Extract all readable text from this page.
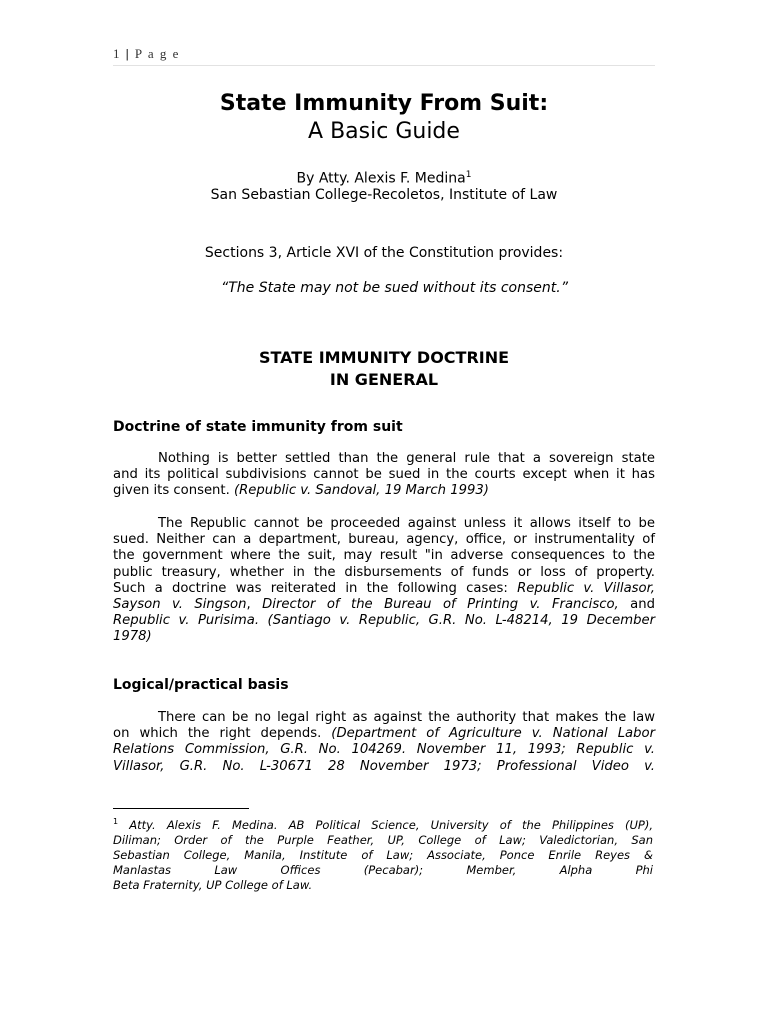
1 | P a g e
State Immunity From Suit:
A Basic Guide
By Atty. Alexis F. Medina$^1$
San Sebastian College-Recoletos, Institute of Law
Sections 3, Article XVI of the Constitution provides:
“The State may not be sued without its consent.”
STATE IMMUNITY DOCTRINE
IN GENERAL
Doctrine of state immunity from suit
Nothing is better settled than the general rule that a sovereign state
and its political subdivisions cannot be sued in the courts except when it has
given its consent. (Republic v. Sandoval, 19 March 1993)
The Republic cannot be proceeded against unless it allows itself to be
sued. Neither can a department, bureau, agency, office, or instrumentality of
the government where the suit, may result "in adverse consequences to the
public treasury, whether in the disbursements of funds or loss of property.
Such a doctrine was reiterated in the following cases: Republic v. Villasor,
Sayson v. Singson, Director of the Bureau of Printing v. Francisco, and
Republic v. Purisima. (Santiago v. Republic, G.R. No. L-48214, 19 December
1978)
Logical/practical basis
There can be no legal right as against the authority that makes the law
on which the right depends. (Department of Agriculture v. National Labor
Relations Commission, G.R. No. 104269. November 11, 1993; Republic v.
Villasor, G.R. No. L-30671 28 November 1973; Professional Video v.
$^1$ Atty. Alexis F. Medina. AB Political Science, University of the Philippines (UP),
Diliman; Order of the Purple Feather, UP, College of Law; Valedictorian, San
Sebastian College, Manila, Institute of Law; Associate, Ponce Enrile Reyes &
Manlastas Law Offices (Pecabar); Member, Alpha Phi
Beta Fraternity, UP College of Law.
